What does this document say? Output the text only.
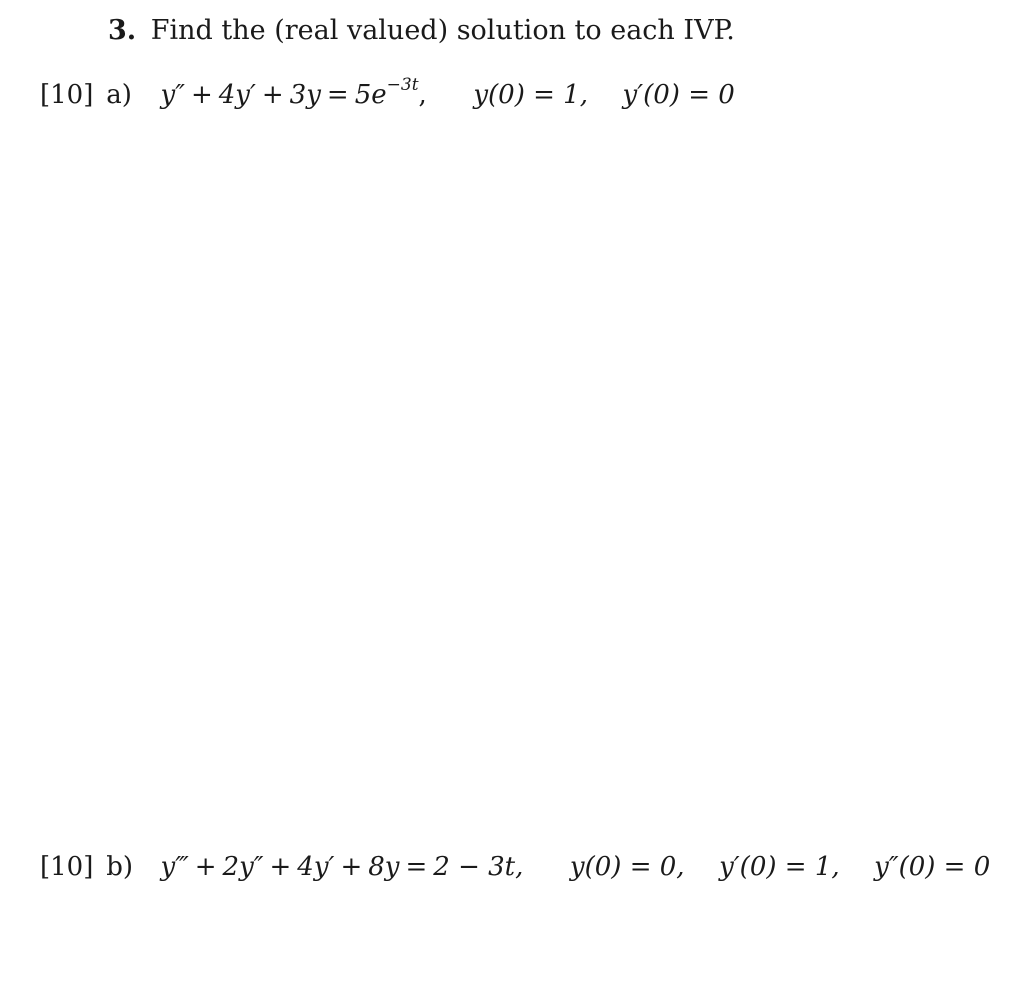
3. Find the (real valued) solution to each IVP.
[10] a) $y'' + 4y' + 3y = 5e^{-3t}$, y(0) = 1, y′(0) = 0
[10] b) y‴ + 2y″ + 4y′ + 8y = 2 − 3t, y(0) = 0, y′(0) = 1, y″(0) = 0
